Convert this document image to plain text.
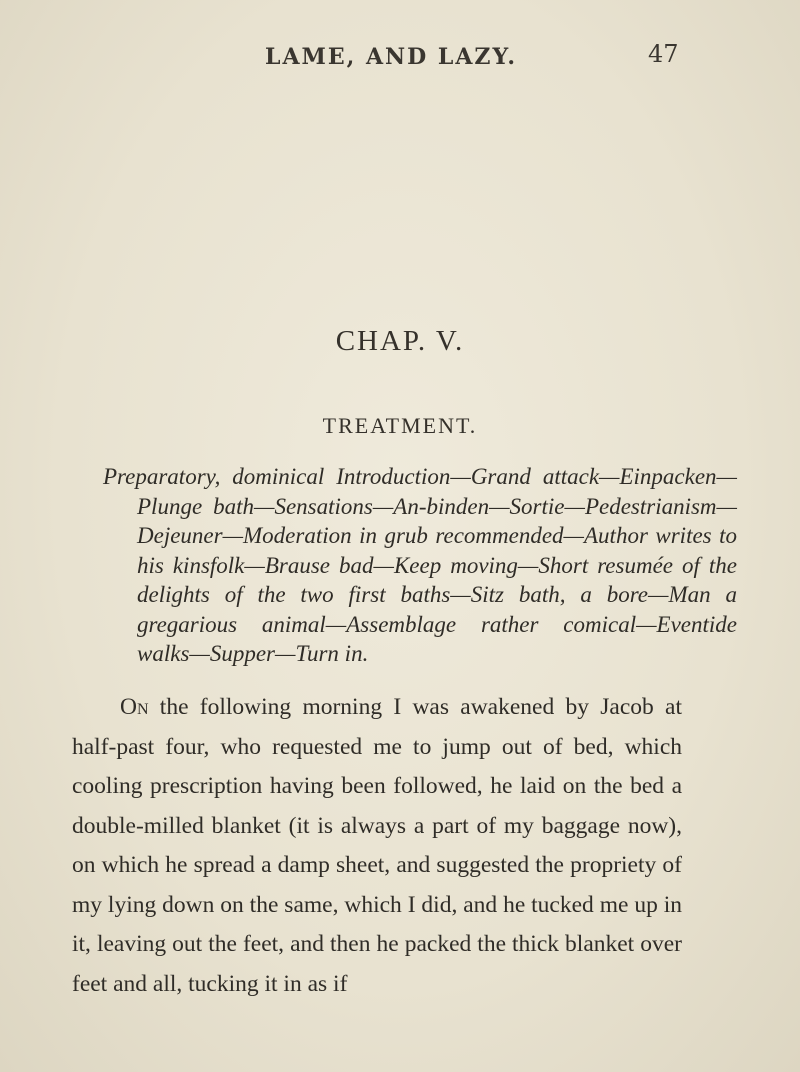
LAME, AND LAZY.	47
CHAP. V.
TREATMENT.
Preparatory, dominical Introduction—Grand attack—Einpacken—Plunge bath—Sensations—An-binden—Sortie—Pedestrianism—Dejeuner—Moderation in grub recommended—Author writes to his kinsfolk—Brause bad—Keep moving—Short resumée of the delights of the two first baths—Sitz bath, a bore—Man a gregarious animal—Assemblage rather comical—Eventide walks—Supper—Turn in.
On the following morning I was awakened by Jacob at half-past four, who requested me to jump out of bed, which cooling prescription having been followed, he laid on the bed a double-milled blanket (it is always a part of my baggage now), on which he spread a damp sheet, and suggested the propriety of my lying down on the same, which I did, and he tucked me up in it, leaving out the feet, and then he packed the thick blanket over feet and all, tucking it in as if
